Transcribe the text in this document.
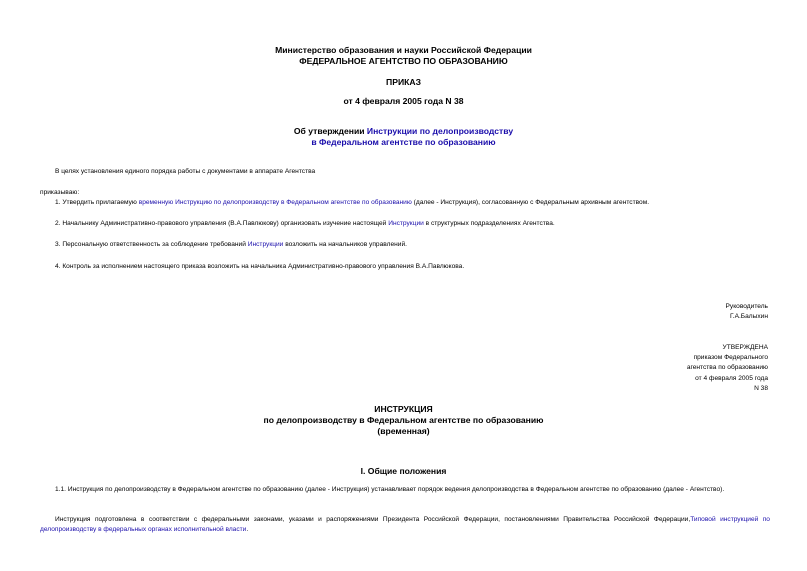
Министерство образования и науки Российской Федерации
ФЕДЕРАЛЬНОЕ АГЕНТСТВО ПО ОБРАЗОВАНИЮ
ПРИКАЗ
от 4 февраля 2005 года N 38
Об утверждении Инструкции по делопроизводству
в Федеральном агентстве по образованию
В целях установления единого порядка работы с документами в аппарате Агентства
приказываю:
1. Утвердить прилагаемую временную Инструкцию по делопроизводству в Федеральном агентстве по образованию (далее - Инструкция), согласованную с Федеральным архивным агентством.
2. Начальнику Административно-правового управления (В.А.Павлюкову) организовать изучение настоящей Инструкции в структурных подразделениях Агентства.
3. Персональную ответственность за соблюдение требований Инструкции возложить на начальников управлений.
4. Контроль за исполнением настоящего приказа возложить на начальника Административно-правового управления В.А.Павлюкова.
Руководитель
Г.А.Балыхин
УТВЕРЖДЕНА
приказом Федерального
агентства по образованию
от 4 февраля 2005 года
N 38
ИНСТРУКЦИЯ
по делопроизводству в Федеральном агентстве по образованию
(временная)
I. Общие положения
1.1. Инструкция по делопроизводству в Федеральном агентстве по образованию (далее - Инструкция) устанавливает порядок ведения делопроизводства в Федеральном агентстве по образованию (далее - Агентство).
Инструкция подготовлена в соответствии с федеральными законами, указами и распоряжениями Президента Российской Федерации, постановлениями Правительства Российской Федерации,Типовой инструкцией по делопроизводству в федеральных органах исполнительной власти.
